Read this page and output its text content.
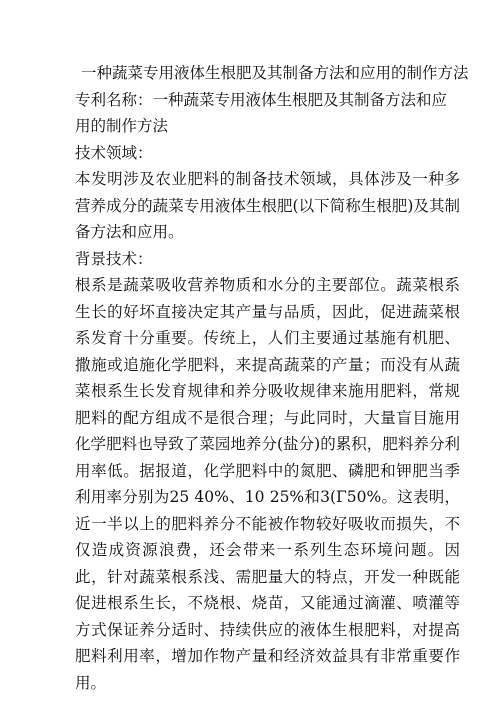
一种蔬菜专用液体生根肥及其制备方法和应用的制作方法

专利名称：一种蔬菜专用液体生根肥及其制备方法和应用的制作方法

技术领域：

本发明涉及农业肥料的制备技术领域，具体涉及一种多营养成分的蔬菜专用液体生根肥(以下简称生根肥)及其制备方法和应用。

背景技术：

根系是蔬菜吸收营养物质和水分的主要部位。蔬菜根系生长的好坏直接决定其产量与品质，因此，促进蔬菜根系发育十分重要。传统上，人们主要通过基施有机肥、撒施或追施化学肥料，来提高蔬菜的产量；而没有从蔬菜根系生长发育规律和养分吸收规律来施用肥料，常规肥料的配方组成不是很合理；与此同时，大量盲目施用化学肥料也导致了菜园地养分(盐分)的累积，肥料养分利用率低。据报道，化学肥料中的氮肥、磷肥和钾肥当季利用率分别为25 40%、10 25%和3(Γ50%。这表明，近一半以上的肥料养分不能被作物较好吸收而损失，不仅造成资源浪费，还会带来一系列生态环境问题。因此，针对蔬菜根系浅、需肥量大的特点，开发一种既能促进根系生长，不烧根、烧苗，又能通过滴灌、喷灌等方式保证养分适时、持续供应的液体生根肥料，对提高肥料利用率，增加作物产量和经济效益具有非常重要作用。
